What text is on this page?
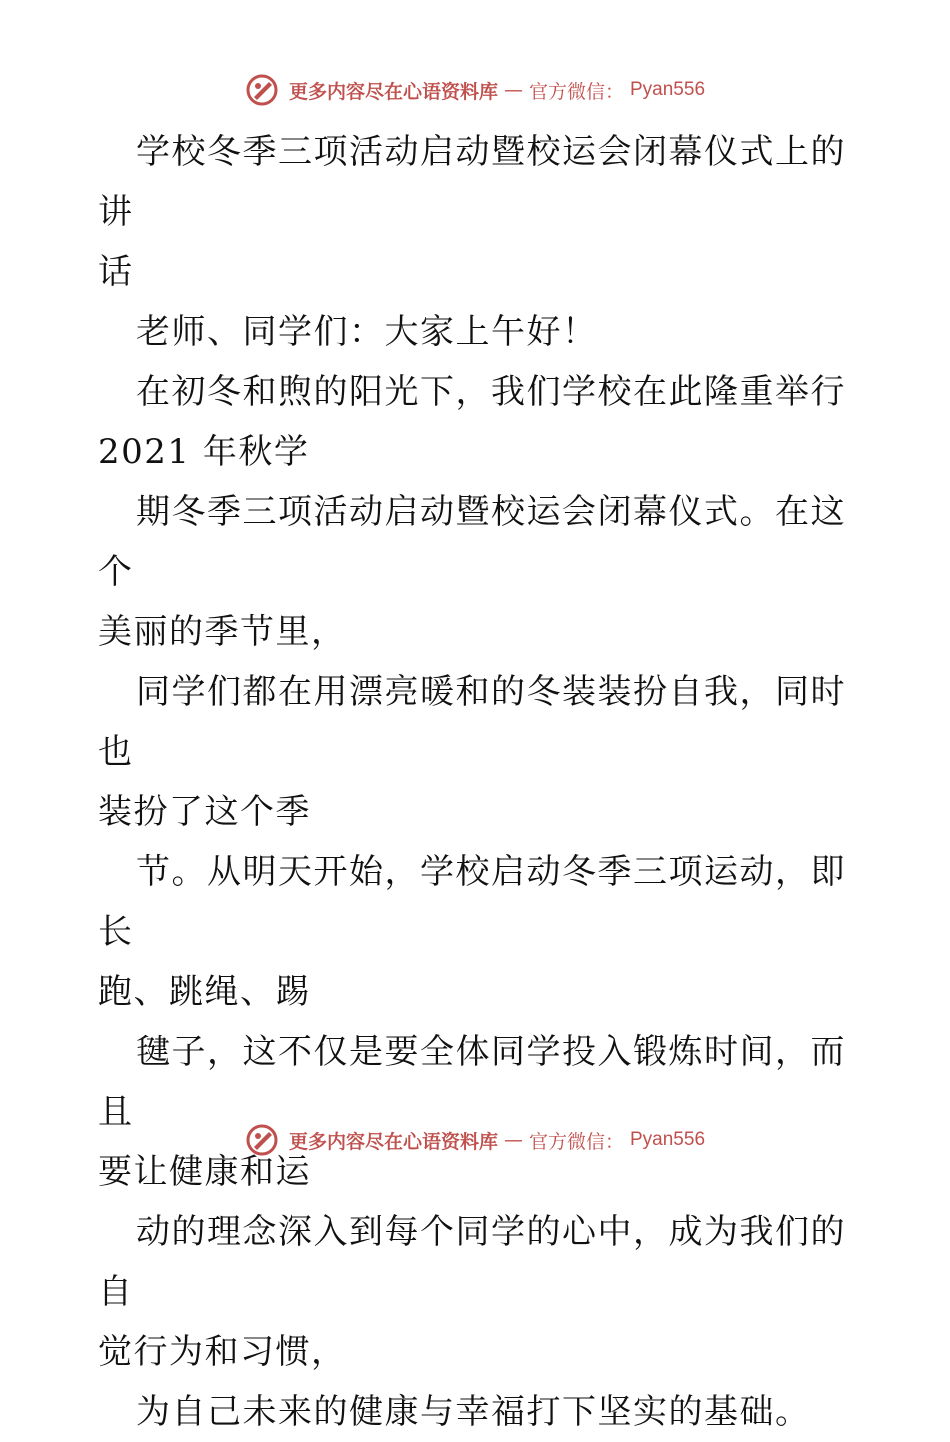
更多内容尽在心语资料库 — 官方微信： Pyan556

学校冬季三项活动启动暨校运会闭幕仪式上的讲
话

老师、同学们：大家上午好！

在初冬和煦的阳光下，我们学校在此隆重举行
2021 年秋学

期冬季三项活动启动暨校运会闭幕仪式。在这个
美丽的季节里，

同学们都在用漂亮暖和的冬装装扮自我，同时也
装扮了这个季

节。从明天开始，学校启动冬季三项运动，即长
跑、跳绳、踢

毽子，这不仅是要全体同学投入锻炼时间，而且
要让健康和运

动的理念深入到每个同学的心中，成为我们的自
觉行为和习惯，

为自己未来的健康与幸福打下坚实的基础。

更多内容尽在心语资料库 — 官方微信： Pyan556
